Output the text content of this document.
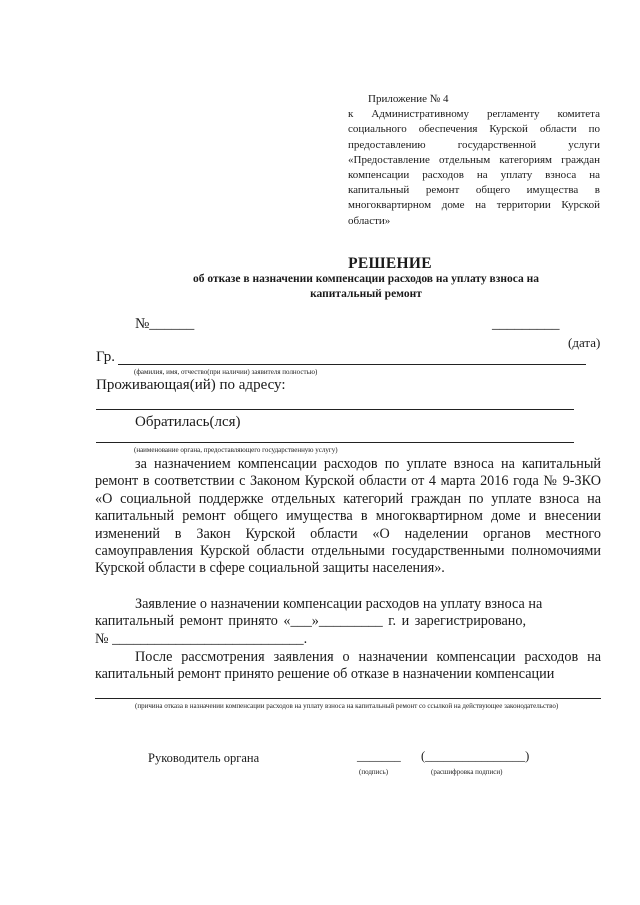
Приложение № 4
к Административному регламенту комитета социального обеспечения Курской области по предоставлению государственной услуги «Предоставление отдельным категориям граждан компенсации расходов на уплату взноса на капитальный ремонт общего имущества в многоквартирном доме на территории Курской области»
РЕШЕНИЕ
об отказе в назначении компенсации расходов на уплату взноса на капитальный ремонт
№______	_________
(дата)
Гр.
(фамилия, имя, отчество(при наличии) заявителя полностью)
Проживающая(ий) по адресу:
Обратилась(лся)
(наименование органа, предоставляющего государственную услугу)
за назначением компенсации расходов по уплате взноса на капитальный ремонт в соответствии с Законом Курской области от 4 марта 2016 года № 9-ЗКО «О социальной поддержке отдельных категорий граждан по уплате взноса на капитальный ремонт общего имущества в многоквартирном доме и внесении изменений в Закон Курской области «О наделении органов местного самоуправления Курской области отдельными государственными полномочиями Курской области в сфере социальной защиты населения».
Заявление о назначении компенсации расходов на уплату взноса на
капитальный ремонт принято «___»_________ г. и зарегистрировано,
№ ___________________________.
После рассмотрения заявления о назначении компенсации расходов на капитальный ремонт принято решение об отказе в назначении компенсации
(причина отказа в назначении компенсации расходов на уплату взноса на капитальный ремонт со ссылкой на действующее законодательство)
Руководитель органа	_______ (________________)
(подпись)	(расшифровка подписи)
